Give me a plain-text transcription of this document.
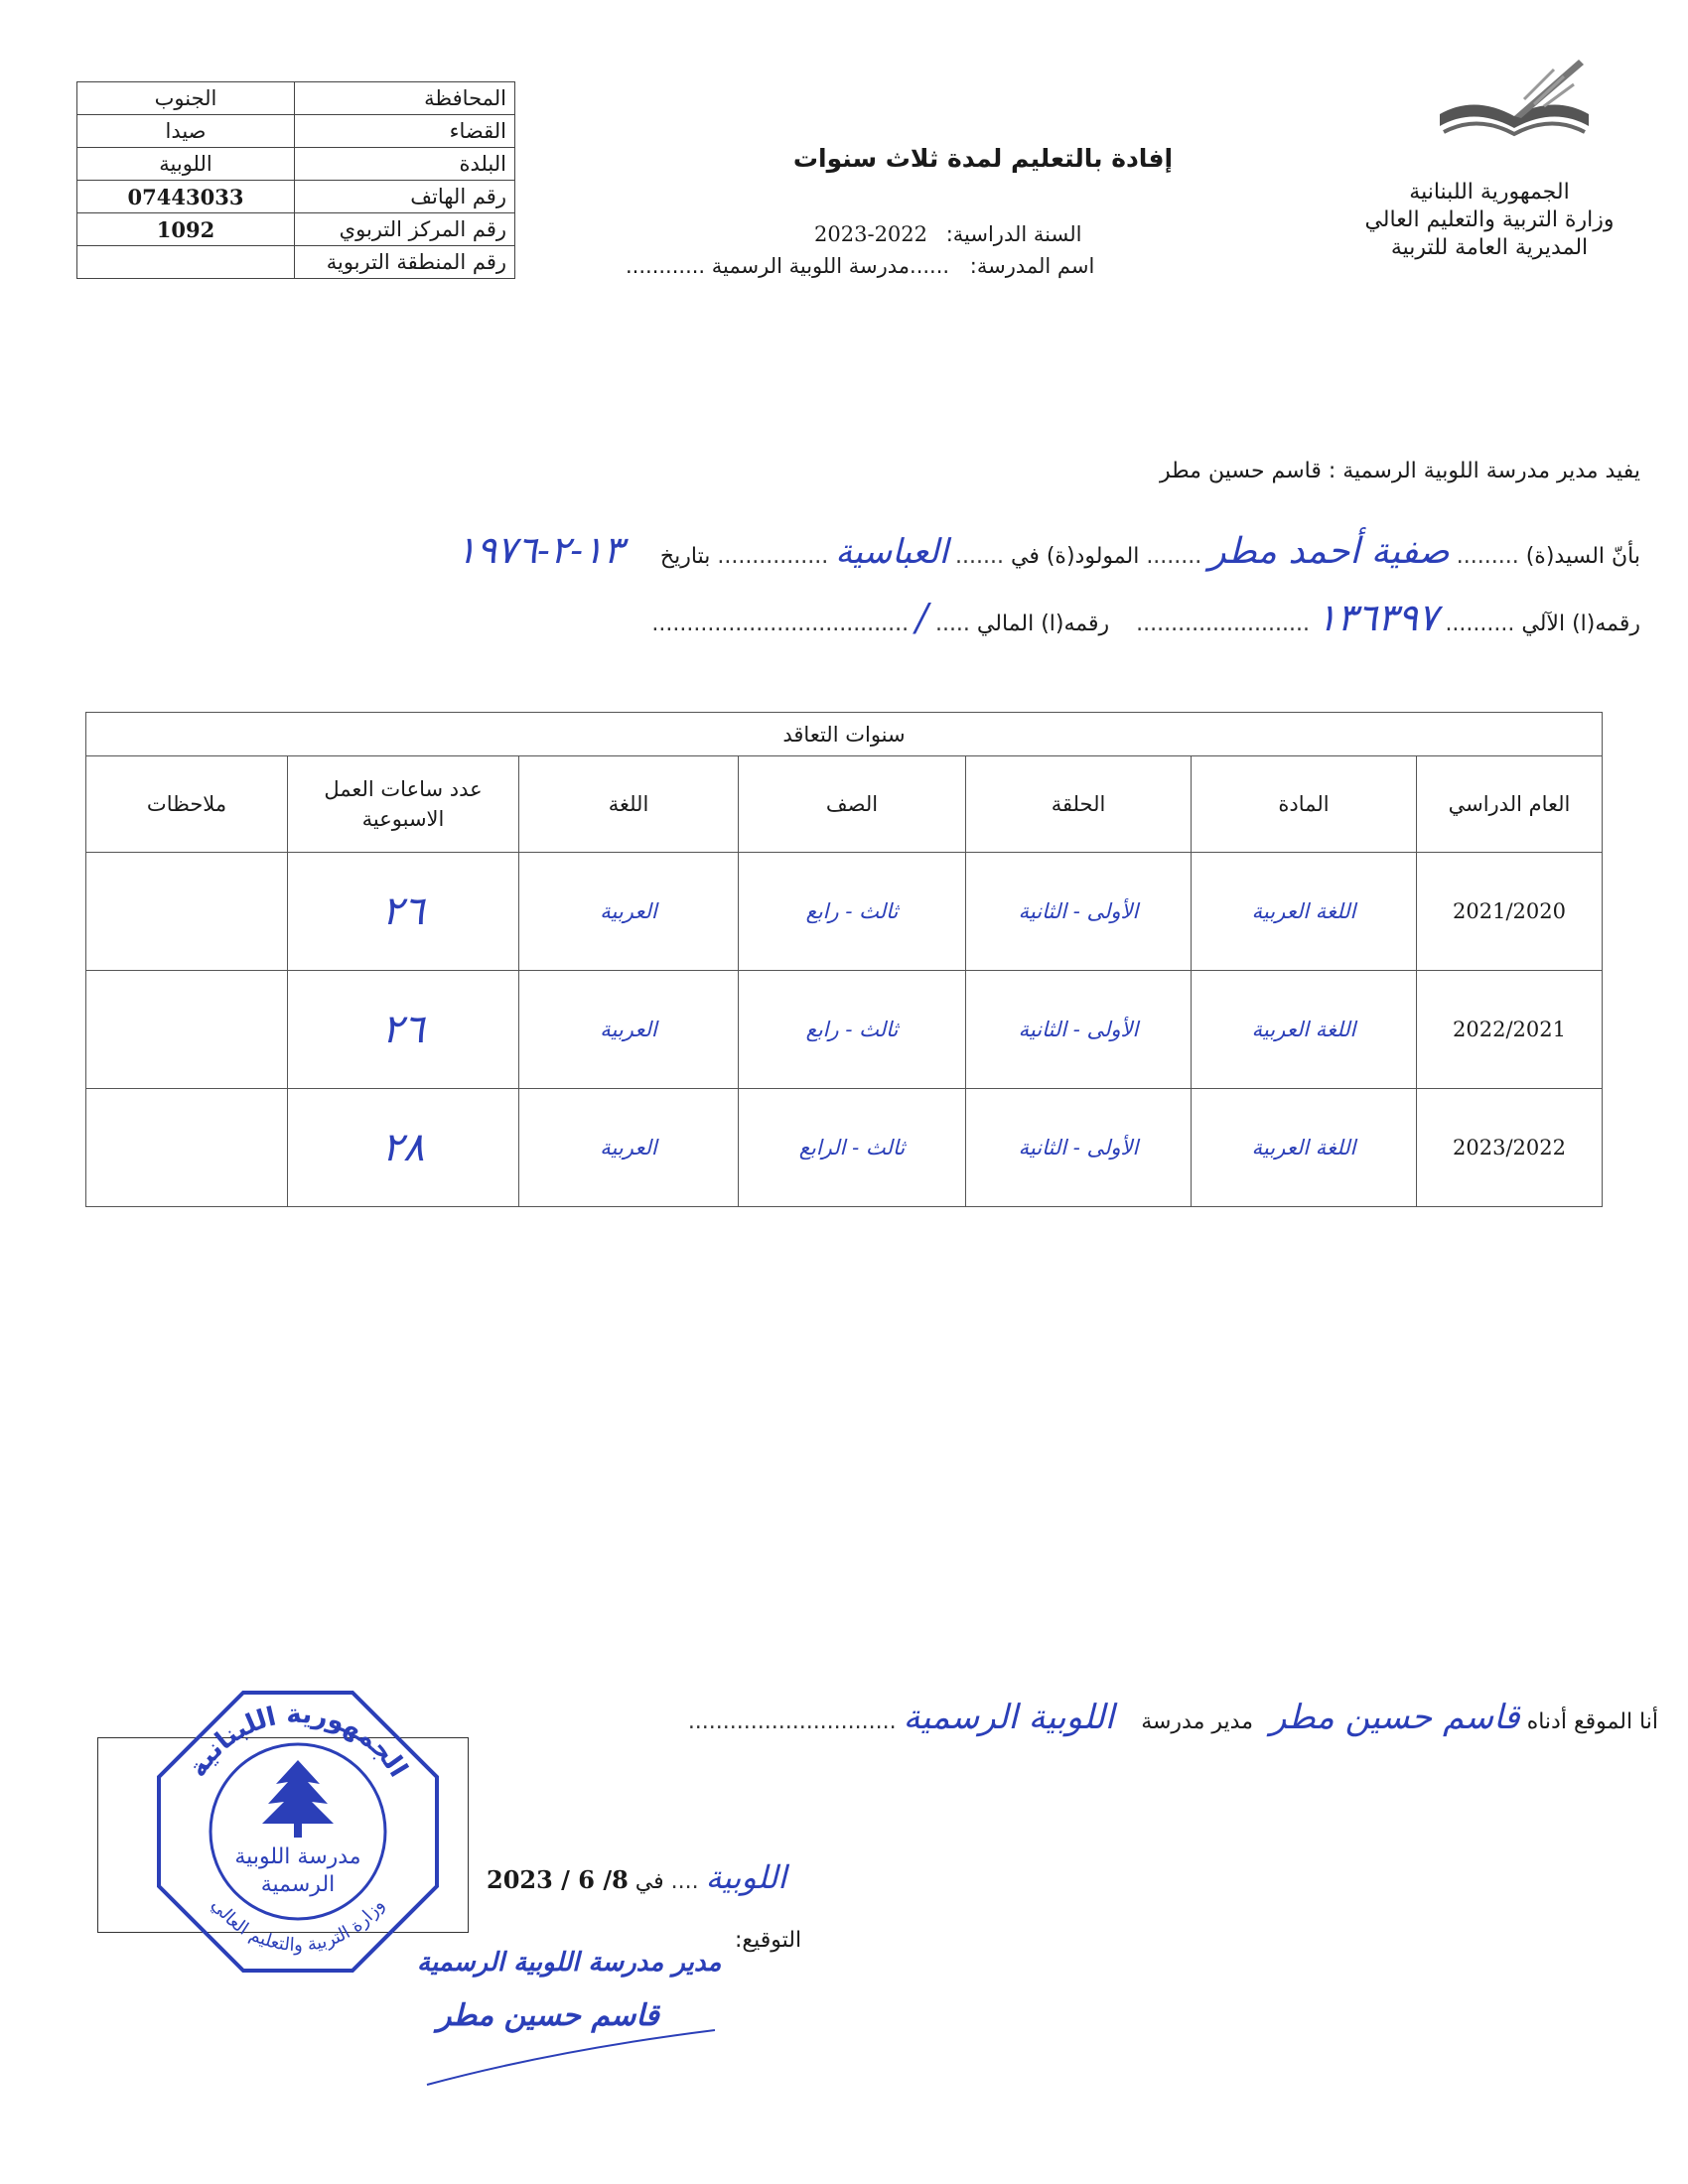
المحافظة	الجنوب
القضاء	صيدا
البلدة	اللوبية
رقم الهاتف	07443033
رقم المركز التربوي	1092
رقم المنطقة التربوية	
الجمهورية اللبنانية
وزارة التربية والتعليم العالي
المديرية العامة للتربية
إفادة بالتعليم لمدة ثلاث سنوات
السنة الدراسية: 2022-2023
اسم المدرسة: ......مدرسة اللوبية الرسمية ............
يفيد مدير مدرسة اللوبية الرسمية : قاسم حسين مطر
بأنّ السيد(ة) ......... صفية أحمد مطر ........ المولود(ة) في ....... العباسية ................ بتاريخ ١٣-٢-١٩٧٦
رقمه(ا) الآلي .......... ١٣٦٣٩٧ ......................... رقمه(ا) المالي ..... / .....................................
سنوات التعاقد						
العام الدراسي	المادة	الحلقة	الصف	اللغة	عدد ساعات العمل الاسبوعية	ملاحظات
2021/2020	اللغة العربية	الأولى - الثانية	ثالث - رابع	العربية	٢٦	
2022/2021	اللغة العربية	الأولى - الثانية	ثالث - رابع	العربية	٢٦	
2023/2022	اللغة العربية	الأولى - الثانية	ثالث - الرابع	العربية	٢٨	
أنا الموقع أدناه قاسم حسين مطر مدير مدرسة اللوبية الرسمية ..............................
اللوبية .... في 2023 / 6 /8
التوقيع:
الجمهورية اللبنانية
وزارة التربية والتعليم العالي
مدرسة اللوبية
الرسمية
مدير مدرسة اللوبية الرسمية
قاسم حسين مطر
